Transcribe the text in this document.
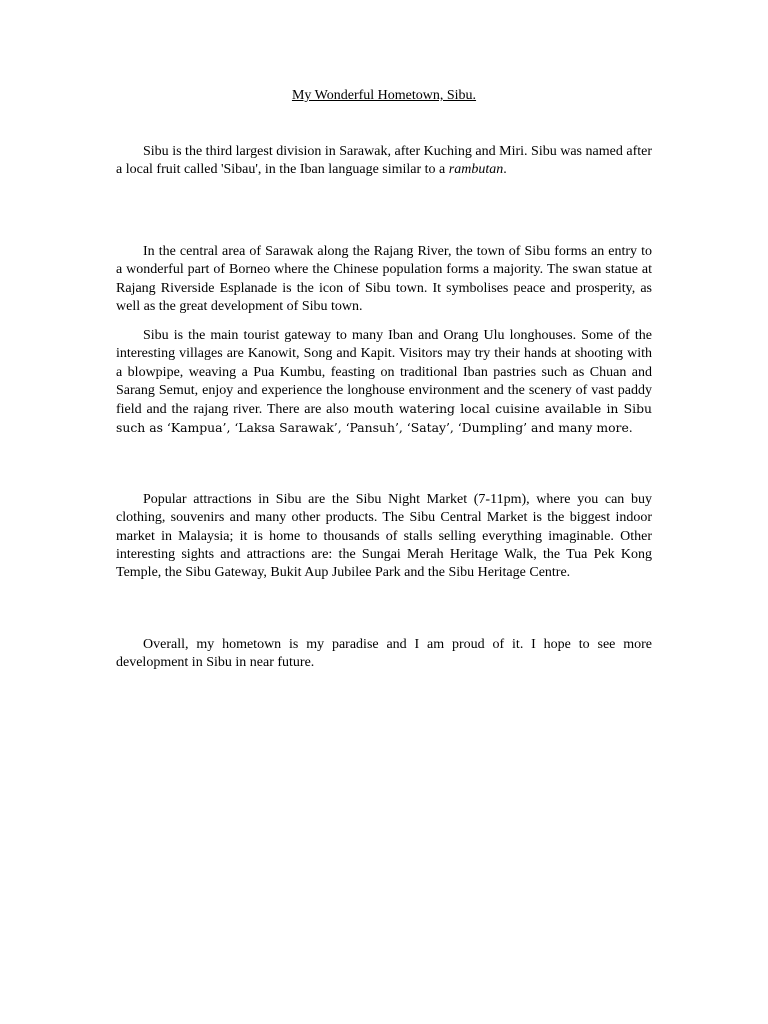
My Wonderful Hometown, Sibu.

Sibu is the third largest division in Sarawak, after Kuching and Miri. Sibu was named after a local fruit called 'Sibau', in the Iban language similar to a rambutan.

In the central area of Sarawak along the Rajang River, the town of Sibu forms an entry to a wonderful part of Borneo where the Chinese population forms a majority. The swan statue at Rajang Riverside Esplanade is the icon of Sibu town. It symbolises peace and prosperity, as well as the great development of Sibu town.

Sibu is the main tourist gateway to many Iban and Orang Ulu longhouses. Some of the interesting villages are Kanowit, Song and Kapit. Visitors may try their hands at shooting with a blowpipe, weaving a Pua Kumbu, feasting on traditional Iban pastries such as Chuan and Sarang Semut, enjoy and experience the longhouse environment and the scenery of vast paddy field and the rajang river. There are also mouth watering local cuisine available in Sibu such as ‘Kampua’, ‘Laksa Sarawak’, ‘Pansuh’, ‘Satay’, ‘Dumpling’ and many more.

Popular attractions in Sibu are the Sibu Night Market (7-11pm), where you can buy clothing, souvenirs and many other products. The Sibu Central Market is the biggest indoor market in Malaysia; it is home to thousands of stalls selling everything imaginable. Other interesting sights and attractions are: the Sungai Merah Heritage Walk, the Tua Pek Kong Temple, the Sibu Gateway, Bukit Aup Jubilee Park and the Sibu Heritage Centre.

Overall, my hometown is my paradise and I am proud of it. I hope to see more development in Sibu in near future.
